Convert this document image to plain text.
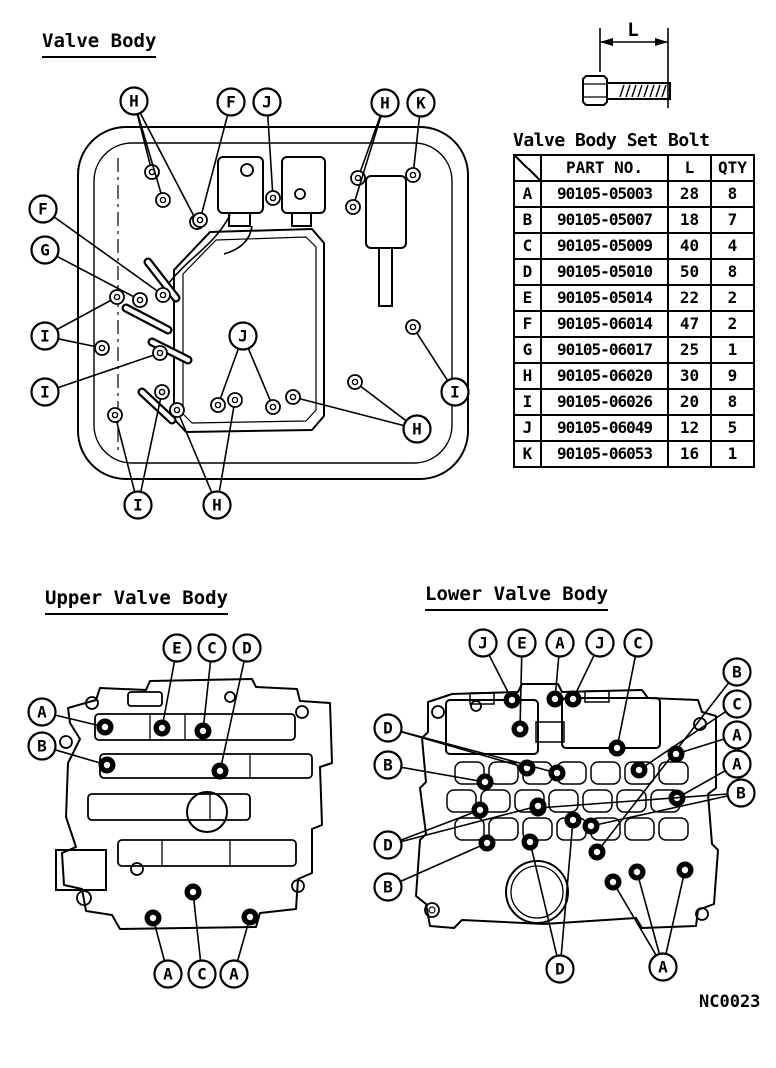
H	F J	H K
F
G
I
I
J
I	H
H
I
L
A
B
E C D
A C A
J E A J C
B
C
A
A
B
D
B
D
B
D	A
Valve Body
Upper Valve Body	Lower Valve Body
Valve Body Set Bolt
	PART NO.	L	QTY
A	90105-05003	28	8
B	90105-05007	18	7
C	90105-05009	40	4
D	90105-05010	50	8
E	90105-05014	22	2
F	90105-06014	47	2
G	90105-06017	25	1
H	90105-06020	30	9
I	90105-06026	20	8
J	90105-06049	12	5
K	90105-06053	16	1
NC0023
